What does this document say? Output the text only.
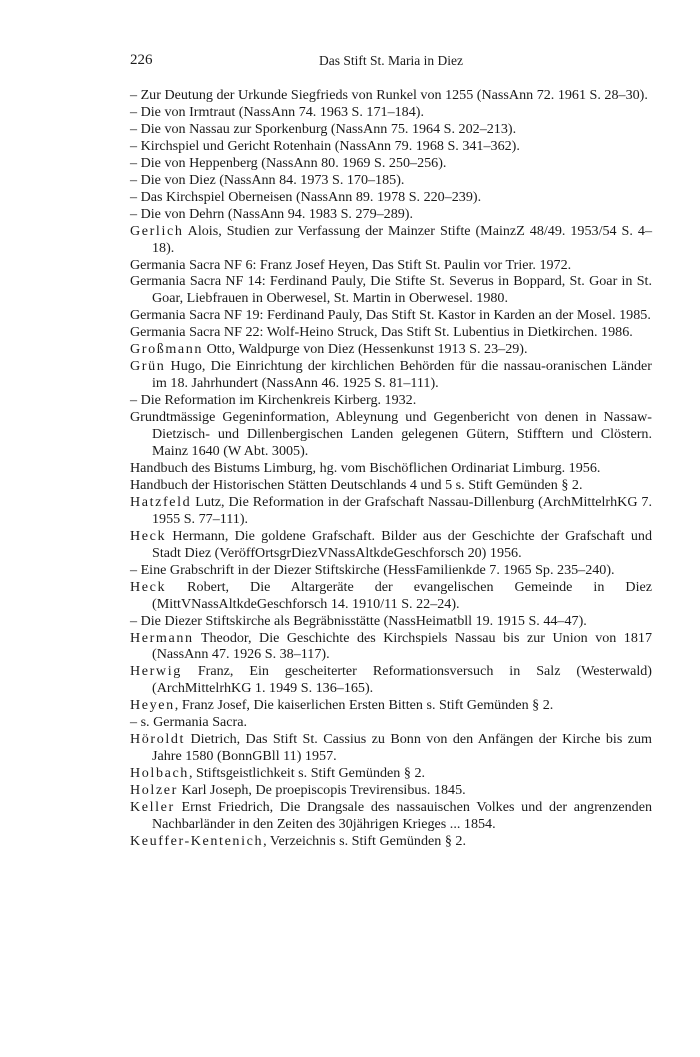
226	Das Stift St. Maria in Diez

– Zur Deutung der Urkunde Siegfrieds von Runkel von 1255 (NassAnn 72. 1961 S. 28–30).

– Die von Irmtraut (NassAnn 74. 1963 S. 171–184).

– Die von Nassau zur Sporkenburg (NassAnn 75. 1964 S. 202–213).

– Kirchspiel und Gericht Rotenhain (NassAnn 79. 1968 S. 341–362).

– Die von Heppenberg (NassAnn 80. 1969 S. 250–256).

– Die von Diez (NassAnn 84. 1973 S. 170–185).

– Das Kirchspiel Oberneisen (NassAnn 89. 1978 S. 220–239).

– Die von Dehrn (NassAnn 94. 1983 S. 279–289).

Gerlich Alois, Studien zur Verfassung der Mainzer Stifte (MainzZ 48/49. 1953/54 S. 4–18).

Germania Sacra NF 6: Franz Josef Heyen, Das Stift St. Paulin vor Trier. 1972.

Germania Sacra NF 14: Ferdinand Pauly, Die Stifte St. Severus in Boppard, St. Goar in St. Goar, Liebfrauen in Oberwesel, St. Martin in Oberwesel. 1980.

Germania Sacra NF 19: Ferdinand Pauly, Das Stift St. Kastor in Karden an der Mosel. 1985.

Germania Sacra NF 22: Wolf-Heino Struck, Das Stift St. Lubentius in Dietkirchen. 1986.

Großmann Otto, Waldpurge von Diez (Hessenkunst 1913 S. 23–29).

Grün Hugo, Die Einrichtung der kirchlichen Behörden für die nassau-oranischen Länder im 18. Jahrhundert (NassAnn 46. 1925 S. 81–111).

– Die Reformation im Kirchenkreis Kirberg. 1932.

Grundtmässige Gegeninformation, Ableynung und Gegenbericht von denen in Nassaw-Dietzisch- und Dillenbergischen Landen gelegenen Gütern, Stifftern und Clöstern. Mainz 1640 (W Abt. 3005).

Handbuch des Bistums Limburg, hg. vom Bischöflichen Ordinariat Limburg. 1956.

Handbuch der Historischen Stätten Deutschlands 4 und 5 s. Stift Gemünden § 2.

Hatzfeld Lutz, Die Reformation in der Grafschaft Nassau-Dillenburg (ArchMittelrhKG 7. 1955 S. 77–111).

Heck Hermann, Die goldene Grafschaft. Bilder aus der Geschichte der Grafschaft und Stadt Diez (VeröffOrtsgrDiezVNassAltkdeGeschforsch 20) 1956.

– Eine Grabschrift in der Diezer Stiftskirche (HessFamilienkde 7. 1965 Sp. 235–240).

Heck Robert, Die Altargeräte der evangelischen Gemeinde in Diez (MittVNassAltkdeGeschforsch 14. 1910/11 S. 22–24).

– Die Diezer Stiftskirche als Begräbnisstätte (NassHeimatbll 19. 1915 S. 44–47).

Hermann Theodor, Die Geschichte des Kirchspiels Nassau bis zur Union von 1817 (NassAnn 47. 1926 S. 38–117).

Herwig Franz, Ein gescheiterter Reformationsversuch in Salz (Westerwald) (ArchMittelrhKG 1. 1949 S. 136–165).

Heyen, Franz Josef, Die kaiserlichen Ersten Bitten s. Stift Gemünden § 2.

– s. Germania Sacra.

Höroldt Dietrich, Das Stift St. Cassius zu Bonn von den Anfängen der Kirche bis zum Jahre 1580 (BonnGBll 11) 1957.

Holbach, Stiftsgeistlichkeit s. Stift Gemünden § 2.

Holzer Karl Joseph, De proepiscopis Trevirensibus. 1845.

Keller Ernst Friedrich, Die Drangsale des nassauischen Volkes und der angrenzenden Nachbarländer in den Zeiten des 30jährigen Krieges ... 1854.

Keuffer-Kentenich, Verzeichnis s. Stift Gemünden § 2.
